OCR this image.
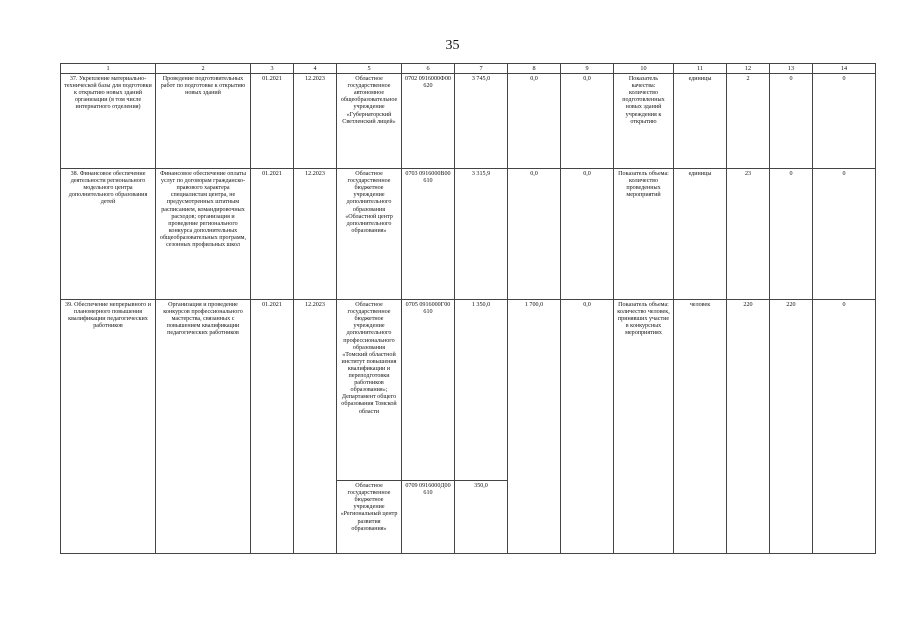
35
1	2	3	4	5	6	7	8	9	10	11	12	13	14
37. Укрепление материально-технической базы для подготовки к открытию новых зданий организации (в том числе интернатного отделения)	Проведение подготовительных работ по подготовке к открытию новых зданий	01.2021	12.2023	Областное государственное автономное общеобразовательное учреждение «Губернаторский Светленский лицей»	0702 0916000Ф00 620	3 745,0	0,0	0,0	Показатель качества: количество подготовленных новых зданий учреждения к открытию	единицы	2	0	0
38. Финансовое обеспечение деятельности регионального модельного центра дополнительного образования детей	Финансовое обеспечение оплаты услуг по договорам гражданско-правового характера специалистам центра, не предусмотренных штатным расписанием, командировочных расходов; организация и проведение регионального конкурса дополнительных общеобразовательных программ, сезонных профильных школ	01.2021	12.2023	Областное государственное бюджетное учреждение дополнительного образования «Областной центр дополнительного образования»	0703 0916000В00 610	3 315,9	0,0	0,0	Показатель объема: количество проведенных мероприятий	единицы	23	0	0
39. Обеспечение непрерывного и планомерного повышения квалификации педагогических работников	Организация и проведение конкурсов профессионального мастерства, связанных с повышением квалификации педагогических работников	01.2021	12.2023	Областное государственное бюджетное учреждение дополнительного профессионального образования «Томский областной институт повышения квалификации и переподготовки работников образования»; Департамент общего образования Томской области	0705 0916000Г00 610	1 350,0	1 700,0	0,0	Показатель объема: количество человек, принявших участие в конкурсных мероприятиях	человек	220	220	0
				Областное государственное бюджетное учреждение «Региональный центр развития образования»	0709 0916000Д00 610	350,0							
